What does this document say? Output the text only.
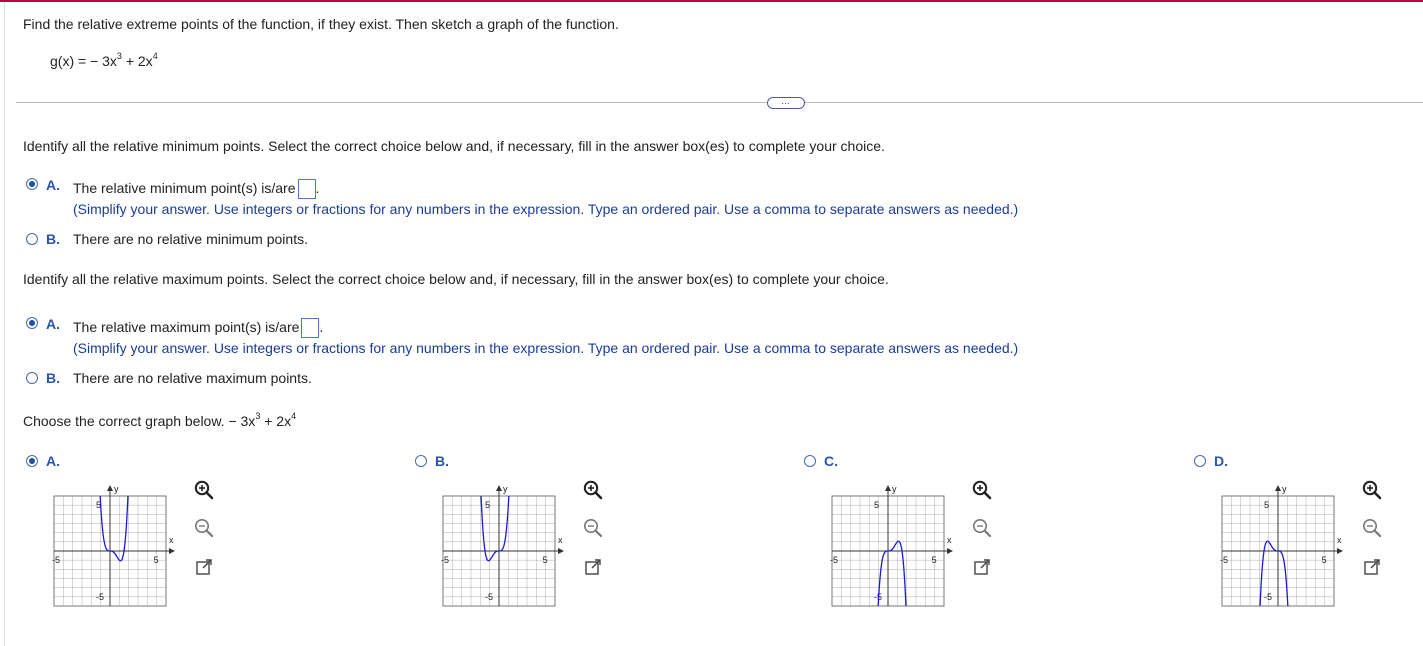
Find the relative extreme points of the function, if they exist. Then sketch a graph of the function.
g(x) = − $3x^3 + 2x^4$
…
Identify all the relative minimum points. Select the correct choice below and, if necessary, fill in the answer box(es) to complete your choice.
A. The relative minimum point(s) is/are .
(Simplify your answer. Use integers or fractions for any numbers in the expression. Type an ordered pair. Use a comma to separate answers as needed.)
B. There are no relative minimum points.
Identify all the relative maximum points. Select the correct choice below and, if necessary, fill in the answer box(es) to complete your choice.
A. The relative maximum point(s) is/are .
(Simplify your answer. Use integers or fractions for any numbers in the expression. Type an ordered pair. Use a comma to separate answers as needed.)
B. There are no relative maximum points.
Choose the correct graph below. − $3x^3 + 2x^4$
A.
y
x
5
-5
-5	5
B.
y
x
5
-5
-5	5
C.
y
x
5
-5
-5	5
D.
y
x
5
-5
-5	5
